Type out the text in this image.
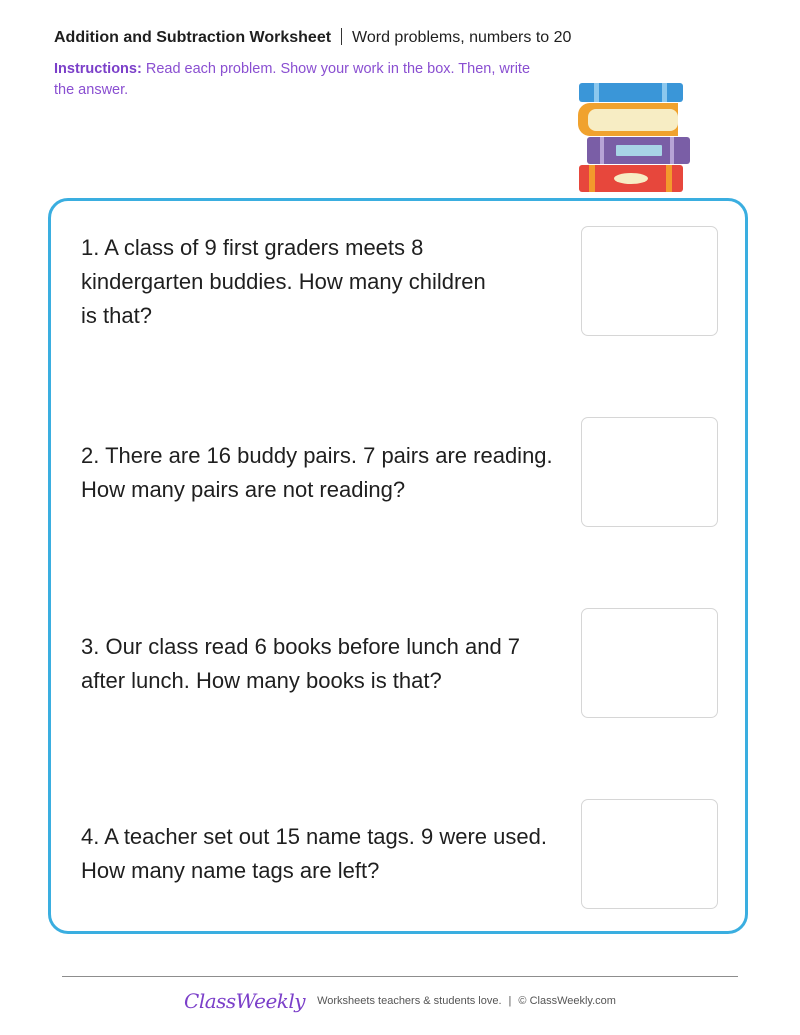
Addition and Subtraction Worksheet Word problems, numbers to 20
Instructions: Read each problem. Show your work in the box. Then, write the answer.
1. A class of 9 first graders meets 8
kindergarten buddies. How many children
is that?
2. There are 16 buddy pairs. 7 pairs are reading.
How many pairs are not reading?
3. Our class read 6 books before lunch and 7
after lunch. How many books is that?
4. A teacher set out 15 name tags. 9 were used.
How many name tags are left?
ClassWeekly Worksheets teachers & students love. | © ClassWeekly.com
